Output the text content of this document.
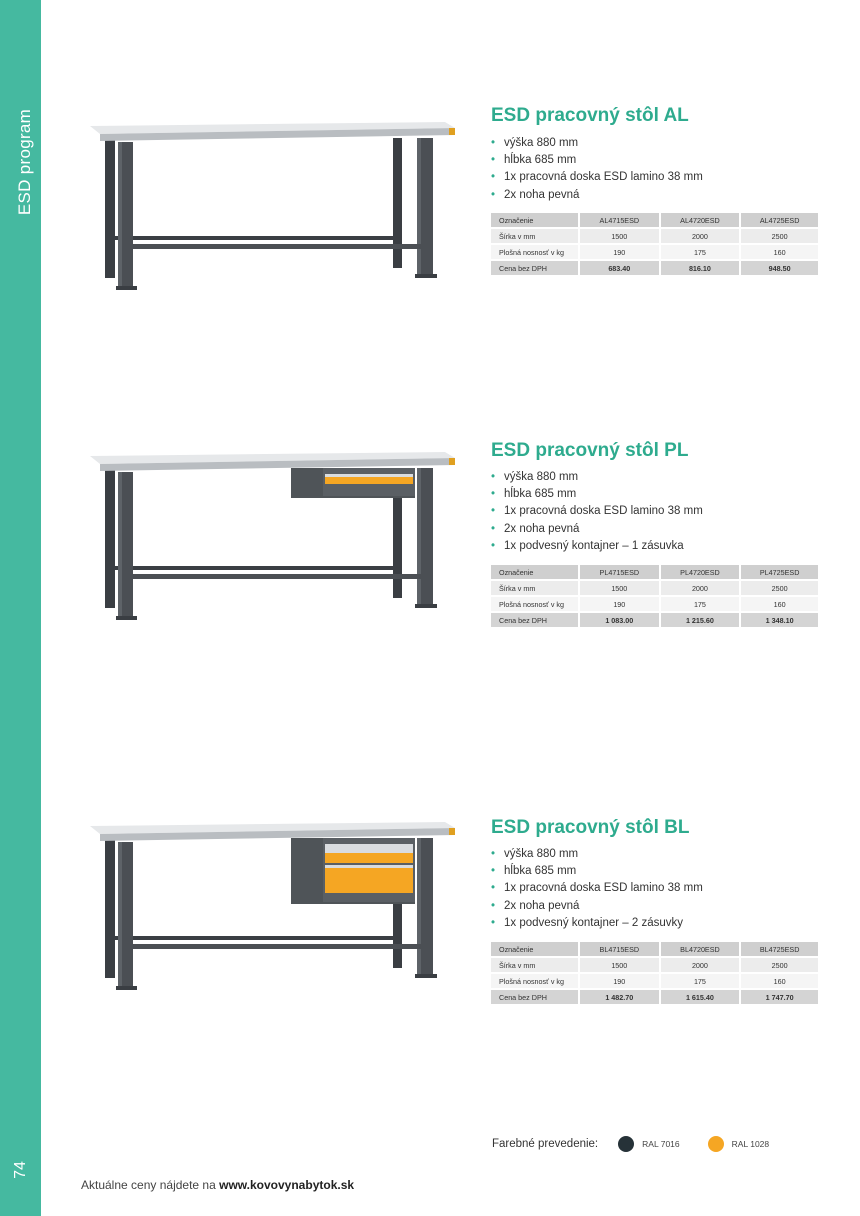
ESD program
74
ESD pracovný stôl AL
• výška 880 mm
• hĺbka 685 mm
• 1x pracovná doska ESD lamino 38 mm
• 2x noha pevná
Označenie	AL4715ESD	AL4720ESD	AL4725ESD
Šírka v mm	1500	2000	2500
Plošná nosnosť v kg	190	175	160
Cena bez DPH	683.40	816.10	948.50
ESD pracovný stôl PL
• výška 880 mm
• hĺbka 685 mm
• 1x pracovná doska ESD lamino 38 mm
• 2x noha pevná
• 1x podvesný kontajner – 1 zásuvka
Označenie	PL4715ESD	PL4720ESD	PL4725ESD
Šírka v mm	1500	2000	2500
Plošná nosnosť v kg	190	175	160
Cena bez DPH	1 083.00	1 215.60	1 348.10
ESD pracovný stôl BL
• výška 880 mm
• hĺbka 685 mm
• 1x pracovná doska ESD lamino 38 mm
• 2x noha pevná
• 1x podvesný kontajner – 2 zásuvky
Označenie	BL4715ESD	BL4720ESD	BL4725ESD
Šírka v mm	1500	2000	2500
Plošná nosnosť v kg	190	175	160
Cena bez DPH	1 482.70	1 615.40	1 747.70
Farebné prevedenie:	RAL 7016	RAL 1028
Aktuálne ceny nájdete na www.kovovynabytok.sk
